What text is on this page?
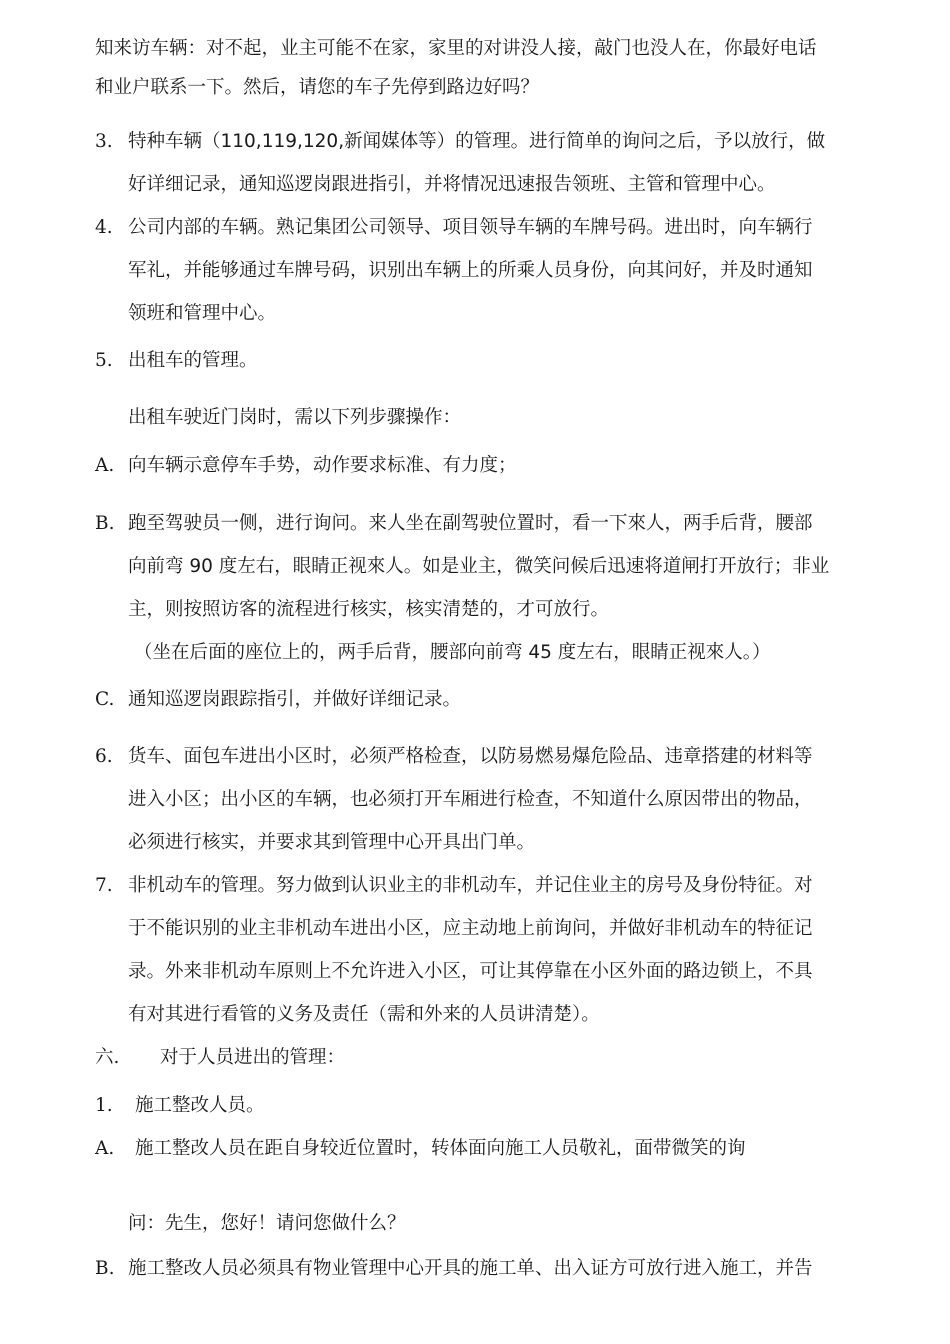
知来访车辆：对不起，业主可能不在家，家里的对讲没人接，敲门也没人在，你最好电话
和业户联系一下。然后，请您的车子先停到路边好吗？
3. 特种车辆（110,119,120,新闻媒体等）的管理。进行简单的询问之后，予以放行，做
好详细记录，通知巡逻岗跟进指引，并将情况迅速报告领班、主管和管理中心。
4. 公司内部的车辆。熟记集团公司领导、项目领导车辆的车牌号码。进出时，向车辆行
军礼，并能够通过车牌号码，识别出车辆上的所乘人员身份，向其问好，并及时通知
领班和管理中心。
5. 出租车的管理。
出租车驶近门岗时，需以下列步骤操作：
A. 向车辆示意停车手势，动作要求标准、有力度；
B. 跑至驾驶员一侧，进行询问。来人坐在副驾驶位置时，看一下來人，两手后背，腰部
向前弯 90 度左右，眼睛正视來人。如是业主，微笑问候后迅速将道闸打开放行；非业
主，则按照访客的流程进行核实，核实清楚的，才可放行。
（坐在后面的座位上的，两手后背，腰部向前弯 45 度左右，眼睛正视來人。）
C. 通知巡逻岗跟踪指引，并做好详细记录。
6. 货车、面包车进出小区时，必须严格检查，以防易燃易爆危险品、违章搭建的材料等
进入小区；出小区的车辆，也必须打开车厢进行检查，不知道什么原因带出的物品，
必须进行核实，并要求其到管理中心开具出门单。
7. 非机动车的管理。努力做到认识业主的非机动车，并记住业主的房号及身份特征。对
于不能识别的业主非机动车进出小区，应主动地上前询问，并做好非机动车的特征记
录。外来非机动车原则上不允许进入小区，可让其停靠在小区外面的路边锁上，不具
有对其进行看管的义务及责任（需和外来的人员讲清楚）。
六. 对于人员进出的管理：
1. 施工整改人员。
A. 施工整改人员在距自身较近位置时，转体面向施工人员敬礼，面带微笑的询
问：先生，您好！请问您做什么？
B. 施工整改人员必须具有物业管理中心开具的施工单、出入证方可放行进入施工，并告
